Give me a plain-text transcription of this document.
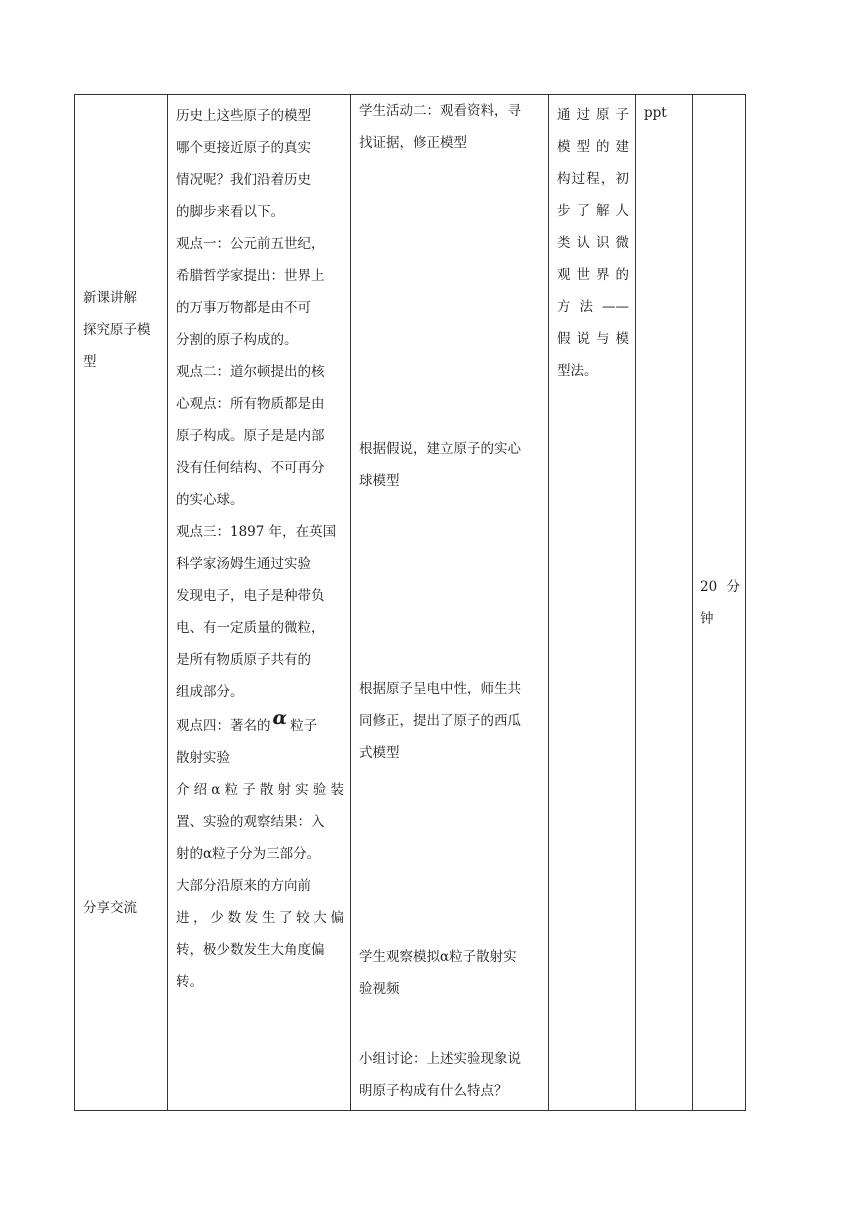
新课讲解
探究原子模
型
分享交流

历史上这些原子的模型
哪个更接近原子的真实
情况呢？我们沿着历史
的脚步来看以下。
观点一：公元前五世纪，
希腊哲学家提出：世界上
的万事万物都是由不可
分割的原子构成的。
观点二：道尔顿提出的核
心观点：所有物质都是由
原子构成。原子是是内部
没有任何结构、不可再分
的实心球。
观点三：1897 年，在英国
科学家汤姆生通过实验
发现电子，电子是种带负
电、有一定质量的微粒，
是所有物质原子共有的
组成部分。
观点四：著名的 α 粒子
散射实验
介绍α粒子散射实验装
置、实验的观察结果：入
射的α粒子分为三部分。
大部分沿原来的方向前
进，少数发生了较大偏
转，极少数发生大角度偏
转。

学生活动二：观看资料，寻
找证据，修正模型
根据假说，建立原子的实心
球模型
根据原子呈电中性，师生共
同修正，提出了原子的西瓜
式模型
学生观察模拟α粒子散射实
验视频
小组讨论：上述实验现象说
明原子构成有什么特点？

通过原子
模型的建
构过程，初
步了解人
类认识微
观世界的
方法——
假说与模
型法。

ppt

20 分
钟
